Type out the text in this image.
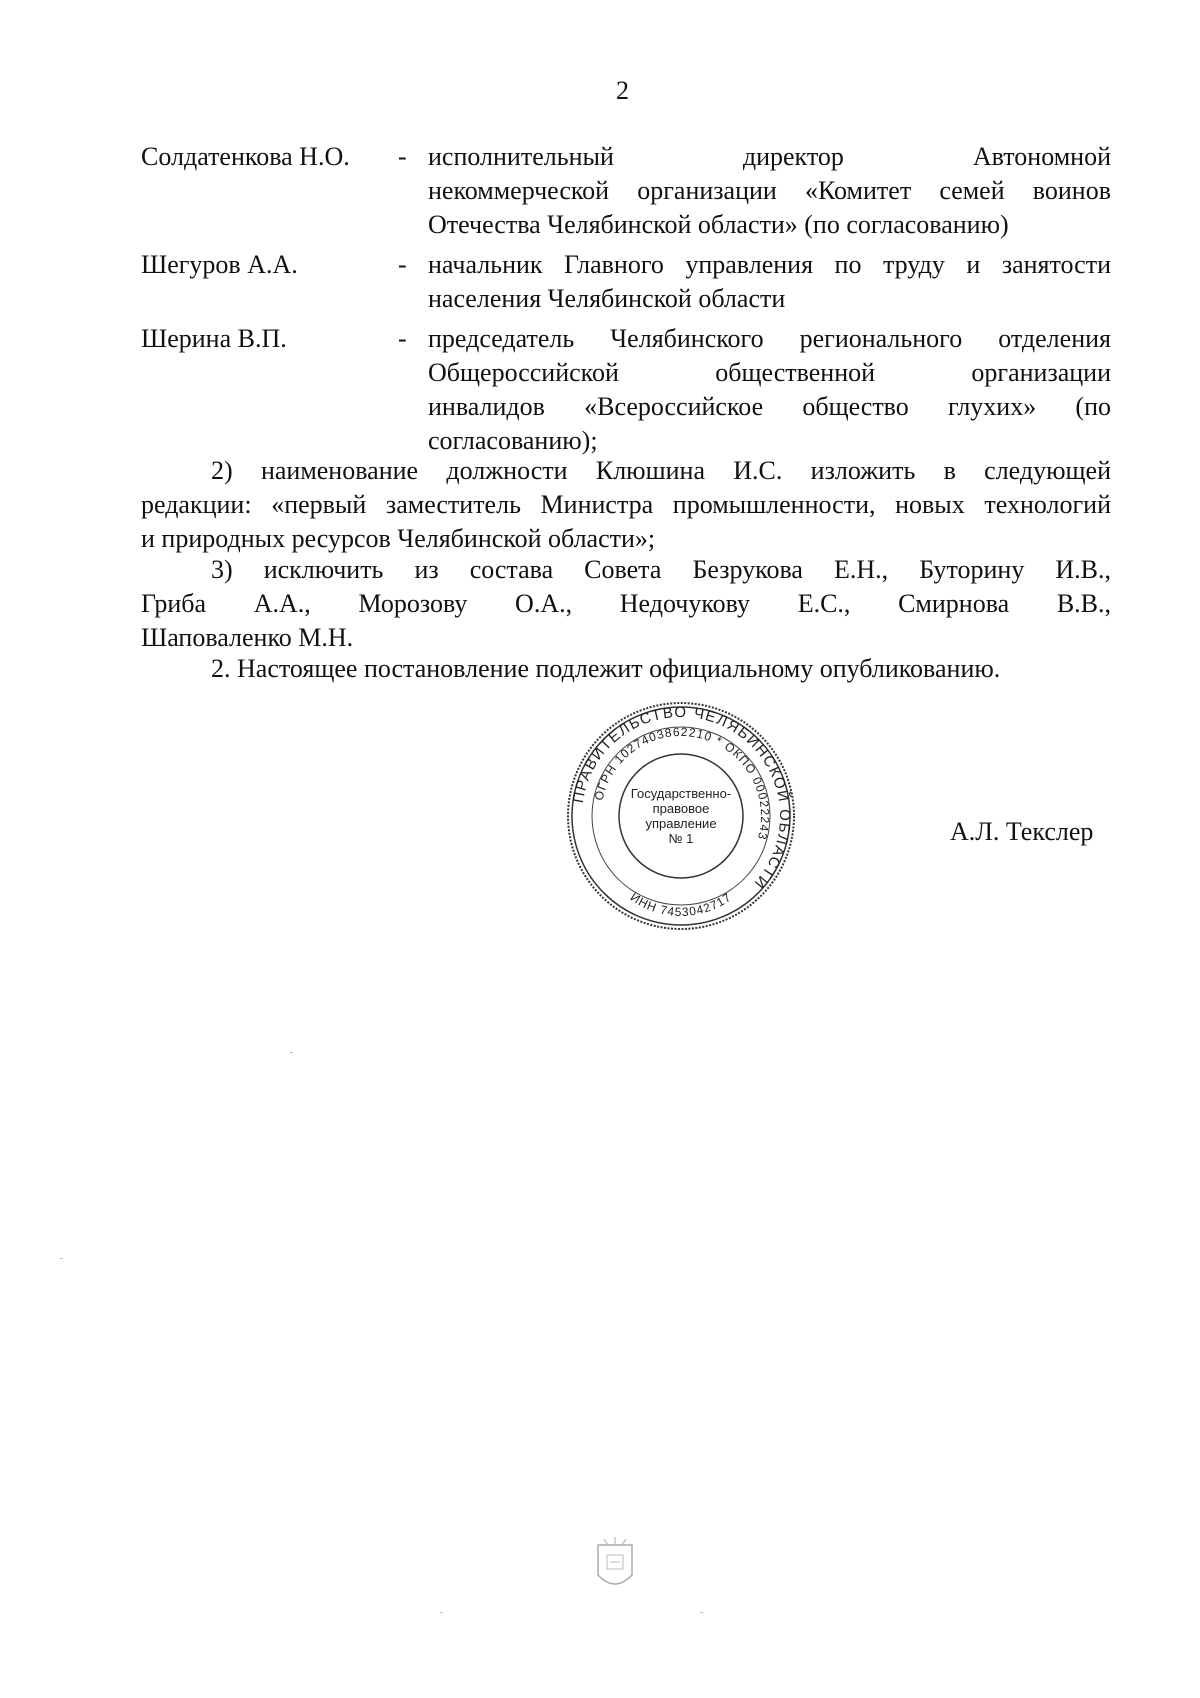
2
Солдатенкова Н.О.	- исполнительный директор Автономной
некоммерческой организации «Комитет семей воинов
Отечества Челябинской области» (по согласованию)
Шегуров А.А.	- начальник Главного управления по труду и занятости
населения Челябинской области
Шерина В.П.	- председатель Челябинского регионального отделения
Общероссийской общественной организации
инвалидов «Всероссийское общество глухих» (по
согласованию);
2) наименование должности Клюшина И.С. изложить в следующей
редакции: «первый заместитель Министра промышленности, новых технологий
и природных ресурсов Челябинской области»;
3) исключить из состава Совета Безрукова Е.Н., Буторину И.В.,
Гриба А.А., Морозову О.А., Недочукову Е.С., Смирнова В.В.,
Шаповаленко М.Н.
2. Настоящее постановление подлежит официальному опубликованию.
ПРАВИТЕЛЬСТВО ЧЕЛЯБИНСКОЙ ОБЛАСТИ
ОГРН 1027403862210 * ОКПО 00022243
ИНН 7453042717
Государственно-
правовое
управление
№ 1	А.Л. Текслер
